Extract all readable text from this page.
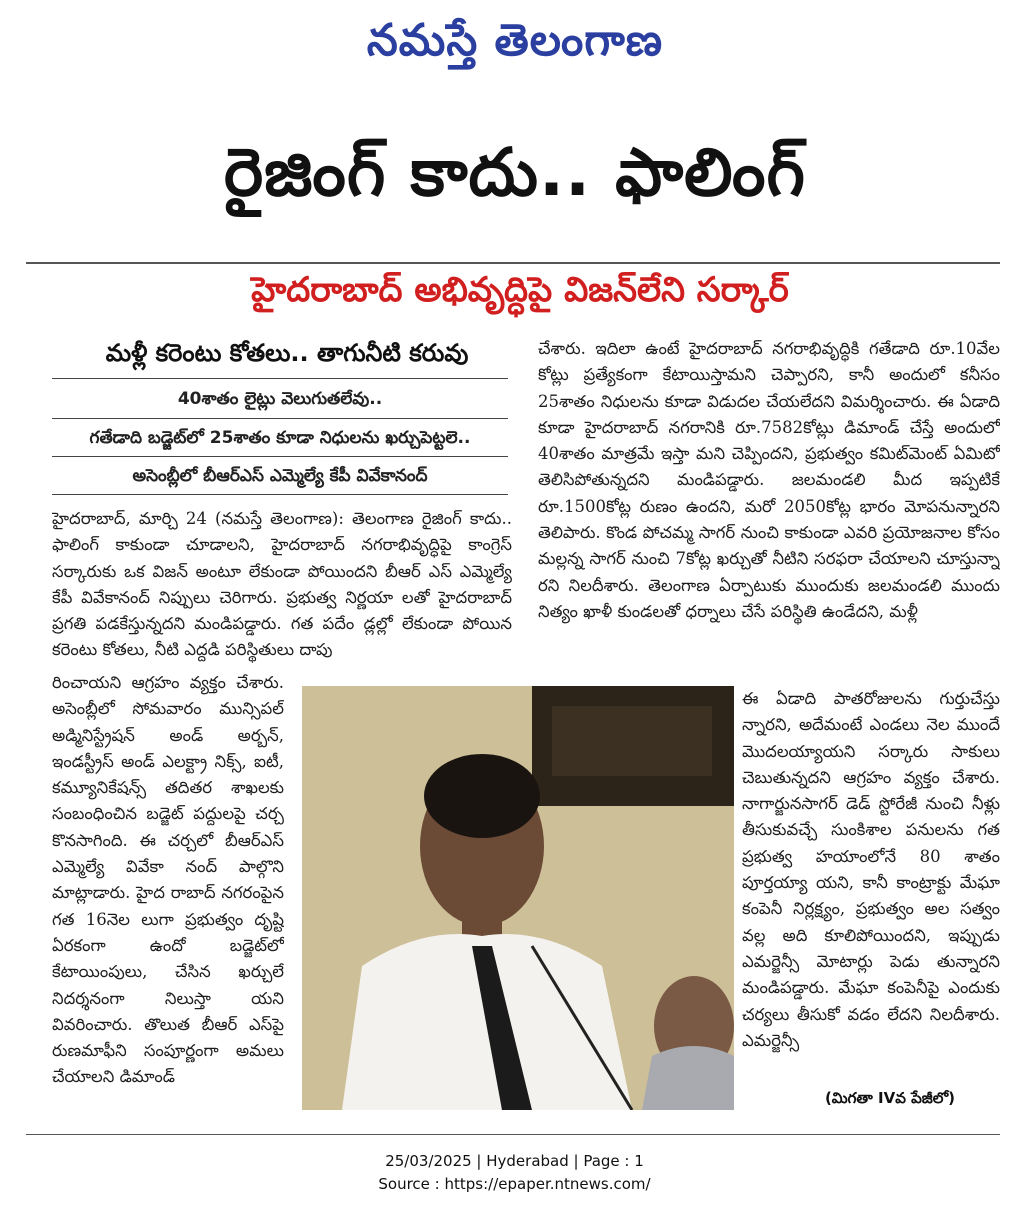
నమస్తే తెలంగాణ
రైజింగ్ కాదు.. ఫాలింగ్
హైదరాబాద్ అభివృద్ధిపై విజన్‌లేని సర్కార్
మళ్లీ కరెంటు కోతలు.. తాగునీటి కరువు
40శాతం లైట్లు వెలుగుతలేవు..
గతేడాది బడ్జెట్‌లో 25శాతం కూడా నిధులను ఖర్చుపెట్టలె..
అసెంబ్లీలో బీఆర్‌ఎస్ ఎమ్మెల్యే కేపీ వివేకానంద్
హైదరాబాద్, మార్చి 24 (నమస్తే తెలంగాణ): తెలంగాణ రైజింగ్ కాదు.. ఫాలింగ్ కాకుండా చూడాలని, హైదరాబాద్ నగరాభివృద్ధిపై కాంగ్రెస్ సర్కారుకు ఒక విజన్ అంటూ లేకుండా పోయిందని బీఆర్ ఎస్ ఎమ్మెల్యే కేపీ వివేకానంద్ నిప్పులు చెరిగారు. ప్రభుత్వ నిర్ణయా లతో హైదరాబాద్ ప్రగతి పడకేస్తున్నదని మండిపడ్డారు. గత పదేం డ్లల్లో లేకుండా పోయిన కరెంటు కోతలు, నీటి ఎద్దడి పరిస్థితులు దాపు
రించాయని ఆగ్రహం వ్యక్తం చేశారు. అసెంబ్లీలో సోమవారం మున్సిపల్ అడ్మినిస్ట్రేషన్ అండ్ అర్బన్, ఇండస్ట్రీస్ అండ్ ఎలక్ట్రా నిక్స్, ఐటీ, కమ్యూనికేషన్స్ తదితర శాఖలకు సంబంధించిన బడ్జెట్ పద్దులపై చర్చ కొనసాగింది. ఈ చర్చలో బీఆర్‌ఎస్ ఎమ్మెల్యే వివేకా నంద్ పాల్గొని మాట్లాడారు. హైద రాబాద్ నగరంపైన గత 16నెల లుగా ప్రభుత్వం దృష్టి ఏరకంగా ఉందో బడ్జెట్‌లో కేటాయింపులు, చేసిన ఖర్చులే నిదర్శనంగా నిలుస్తా యని వివరించారు. తొలుత బీఆర్ ఎస్‌పై రుణమాఫీని సంపూర్ణంగా అమలు చేయాలని డిమాండ్
చేశారు. ఇదిలా ఉంటే హైదరాబాద్ నగరాభివృద్ధికి గతేడాది రూ.10వేల కోట్లు ప్రత్యేకంగా కేటాయిస్తామని చెప్పారని, కానీ అందులో కనీసం 25శాతం నిధులను కూడా విడుదల చేయలేదని విమర్శించారు. ఈ ఏడాది కూడా హైదరాబాద్ నగరానికి రూ.7582కోట్లు డిమాండ్ చేస్తే అందులో 40శాతం మాత్రమే ఇస్తా మని చెప్పిందని, ప్రభుత్వం కమిట్‌మెంట్ ఏమిటో తెలిసిపోతున్నదని మండిపడ్డారు. జలమండలి మీద ఇప్పటికే రూ.1500కోట్ల రుణం ఉందని, మరో 2050కోట్ల భారం మోపనున్నారని తెలిపారు. కొండ పోచమ్మ సాగర్ నుంచి కాకుండా ఎవరి ప్రయోజనాల కోసం మల్లన్న సాగర్ నుంచి 7కోట్ల ఖర్చుతో నీటిని సరఫరా చేయాలని చూస్తున్నా రని నిలదీశారు. తెలంగాణ ఏర్పాటుకు ముందుకు జలమండలి ముందు నిత్యం ఖాళీ కుండలతో ధర్నాలు చేసే పరిస్థితి ఉండేదని, మళ్లీ
ఈ ఏడాది పాతరోజులను గుర్తుచేస్తు న్నారని, అదేమంటే ఎండలు నెల ముందే మొదలయ్యాయని సర్కారు సాకులు చెబుతున్నదని ఆగ్రహం వ్యక్తం చేశారు. నాగార్జునసాగర్ డెడ్ స్టోరేజీ నుంచి నీళ్లు తీసుకువచ్చే సుంకిశాల పనులను గత ప్రభుత్వ హయాంలోనే 80 శాతం పూర్తయ్యా యని, కానీ కాంట్రాక్టు మేఘా కంపెనీ నిర్లక్ష్యం, ప్రభుత్వం అల సత్వం వల్ల అది కూలిపోయిందని, ఇప్పుడు ఎమర్జెన్సీ మోటార్లు పెడు తున్నారని మండిపడ్డారు. మేఘా కంపెనీపై ఎందుకు చర్యలు తీసుకో వడం లేదని నిలదీశారు. ఎమర్జెన్సీ
(మిగతా IVవ పేజీలో)
25/03/2025 | Hyderabad | Page : 1
Source : https://epaper.ntnews.com/
